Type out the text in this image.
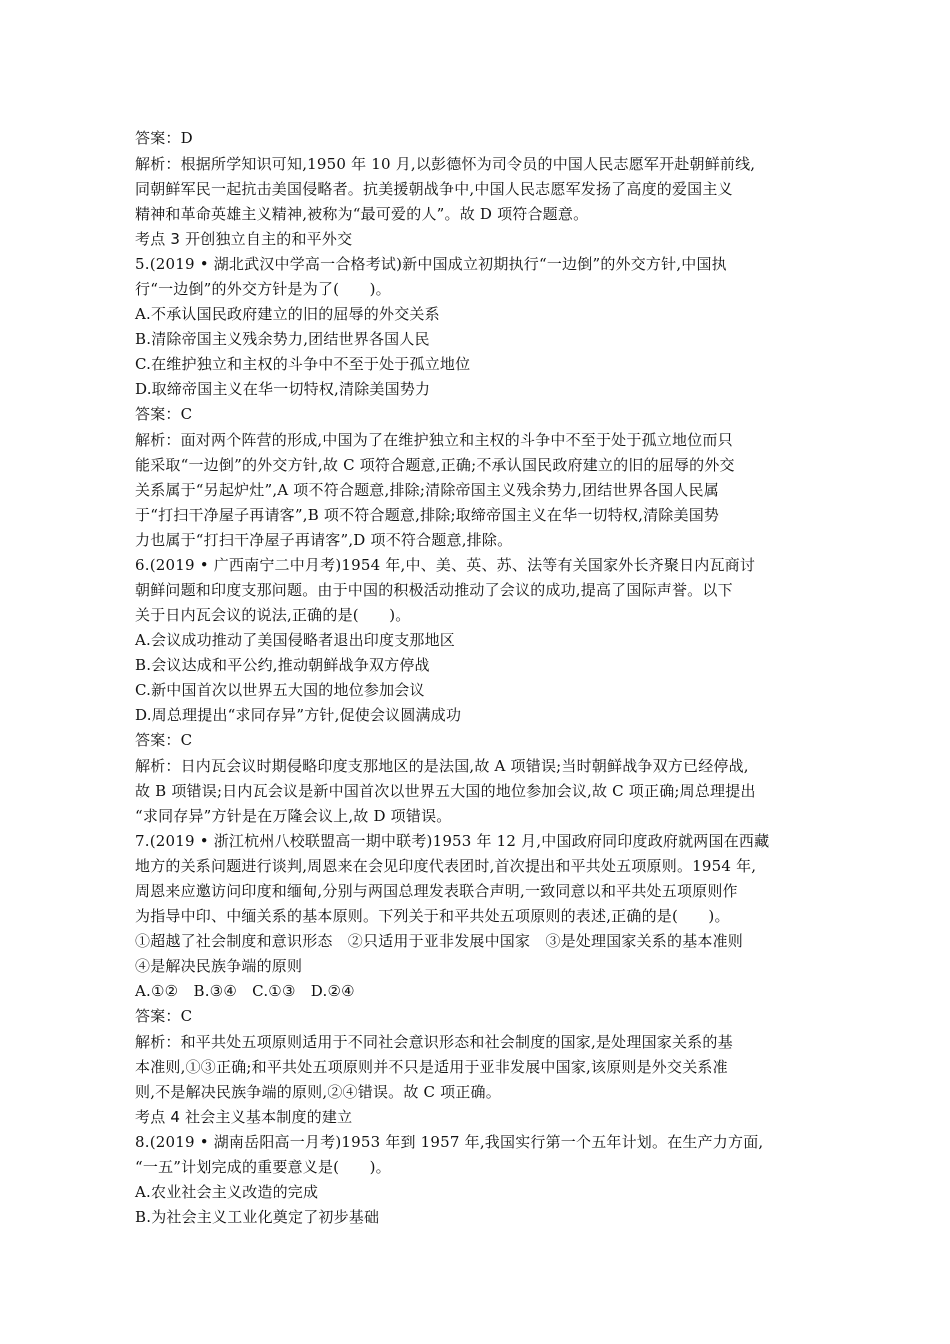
答案：D
解析：根据所学知识可知,1950 年 10 月,以彭德怀为司令员的中国人民志愿军开赴朝鲜前线,
同朝鲜军民一起抗击美国侵略者。抗美援朝战争中,中国人民志愿军发扬了高度的爱国主义
精神和革命英雄主义精神,被称为“最可爱的人”。故 D 项符合题意。
考点 3 开创独立自主的和平外交
5.(2019 • 湖北武汉中学高一合格考试)新中国成立初期执行“一边倒”的外交方针,中国执
行“一边倒”的外交方针是为了(　　)。
A.不承认国民政府建立的旧的屈辱的外交关系
B.清除帝国主义残余势力,团结世界各国人民
C.在维护独立和主权的斗争中不至于处于孤立地位
D.取缔帝国主义在华一切特权,清除美国势力
答案：C
解析：面对两个阵营的形成,中国为了在维护独立和主权的斗争中不至于处于孤立地位而只
能采取“一边倒”的外交方针,故 C 项符合题意,正确;不承认国民政府建立的旧的屈辱的外交
关系属于“另起炉灶”,A 项不符合题意,排除;清除帝国主义残余势力,团结世界各国人民属
于“打扫干净屋子再请客”,B 项不符合题意,排除;取缔帝国主义在华一切特权,清除美国势
力也属于“打扫干净屋子再请客”,D 项不符合题意,排除。
6.(2019 • 广西南宁二中月考)1954 年,中、美、英、苏、法等有关国家外长齐聚日内瓦商讨
朝鲜问题和印度支那问题。由于中国的积极活动推动了会议的成功,提高了国际声誉。以下
关于日内瓦会议的说法,正确的是(　　)。
A.会议成功推动了美国侵略者退出印度支那地区
B.会议达成和平公约,推动朝鲜战争双方停战
C.新中国首次以世界五大国的地位参加会议
D.周总理提出“求同存异”方针,促使会议圆满成功
答案：C
解析：日内瓦会议时期侵略印度支那地区的是法国,故 A 项错误;当时朝鲜战争双方已经停战,
故 B 项错误;日内瓦会议是新中国首次以世界五大国的地位参加会议,故 C 项正确;周总理提出
“求同存异”方针是在万隆会议上,故 D 项错误。
7.(2019 • 浙江杭州八校联盟高一期中联考)1953 年 12 月,中国政府同印度政府就两国在西藏
地方的关系问题进行谈判,周恩来在会见印度代表团时,首次提出和平共处五项原则。1954 年,
周恩来应邀访问印度和缅甸,分别与两国总理发表联合声明,一致同意以和平共处五项原则作
为指导中印、中缅关系的基本原则。下列关于和平共处五项原则的表述,正确的是(　　)。
①超越了社会制度和意识形态　②只适用于亚非发展中国家　③是处理国家关系的基本准则
④是解决民族争端的原则
A.①②　B.③④　C.①③　D.②④
答案：C
解析：和平共处五项原则适用于不同社会意识形态和社会制度的国家,是处理国家关系的基
本准则,①③正确;和平共处五项原则并不只是适用于亚非发展中国家,该原则是外交关系准
则,不是解决民族争端的原则,②④错误。故 C 项正确。
考点 4 社会主义基本制度的建立
8.(2019 • 湖南岳阳高一月考)1953 年到 1957 年,我国实行第一个五年计划。在生产力方面,
“一五”计划完成的重要意义是(　　)。
A.农业社会主义改造的完成
B.为社会主义工业化奠定了初步基础
